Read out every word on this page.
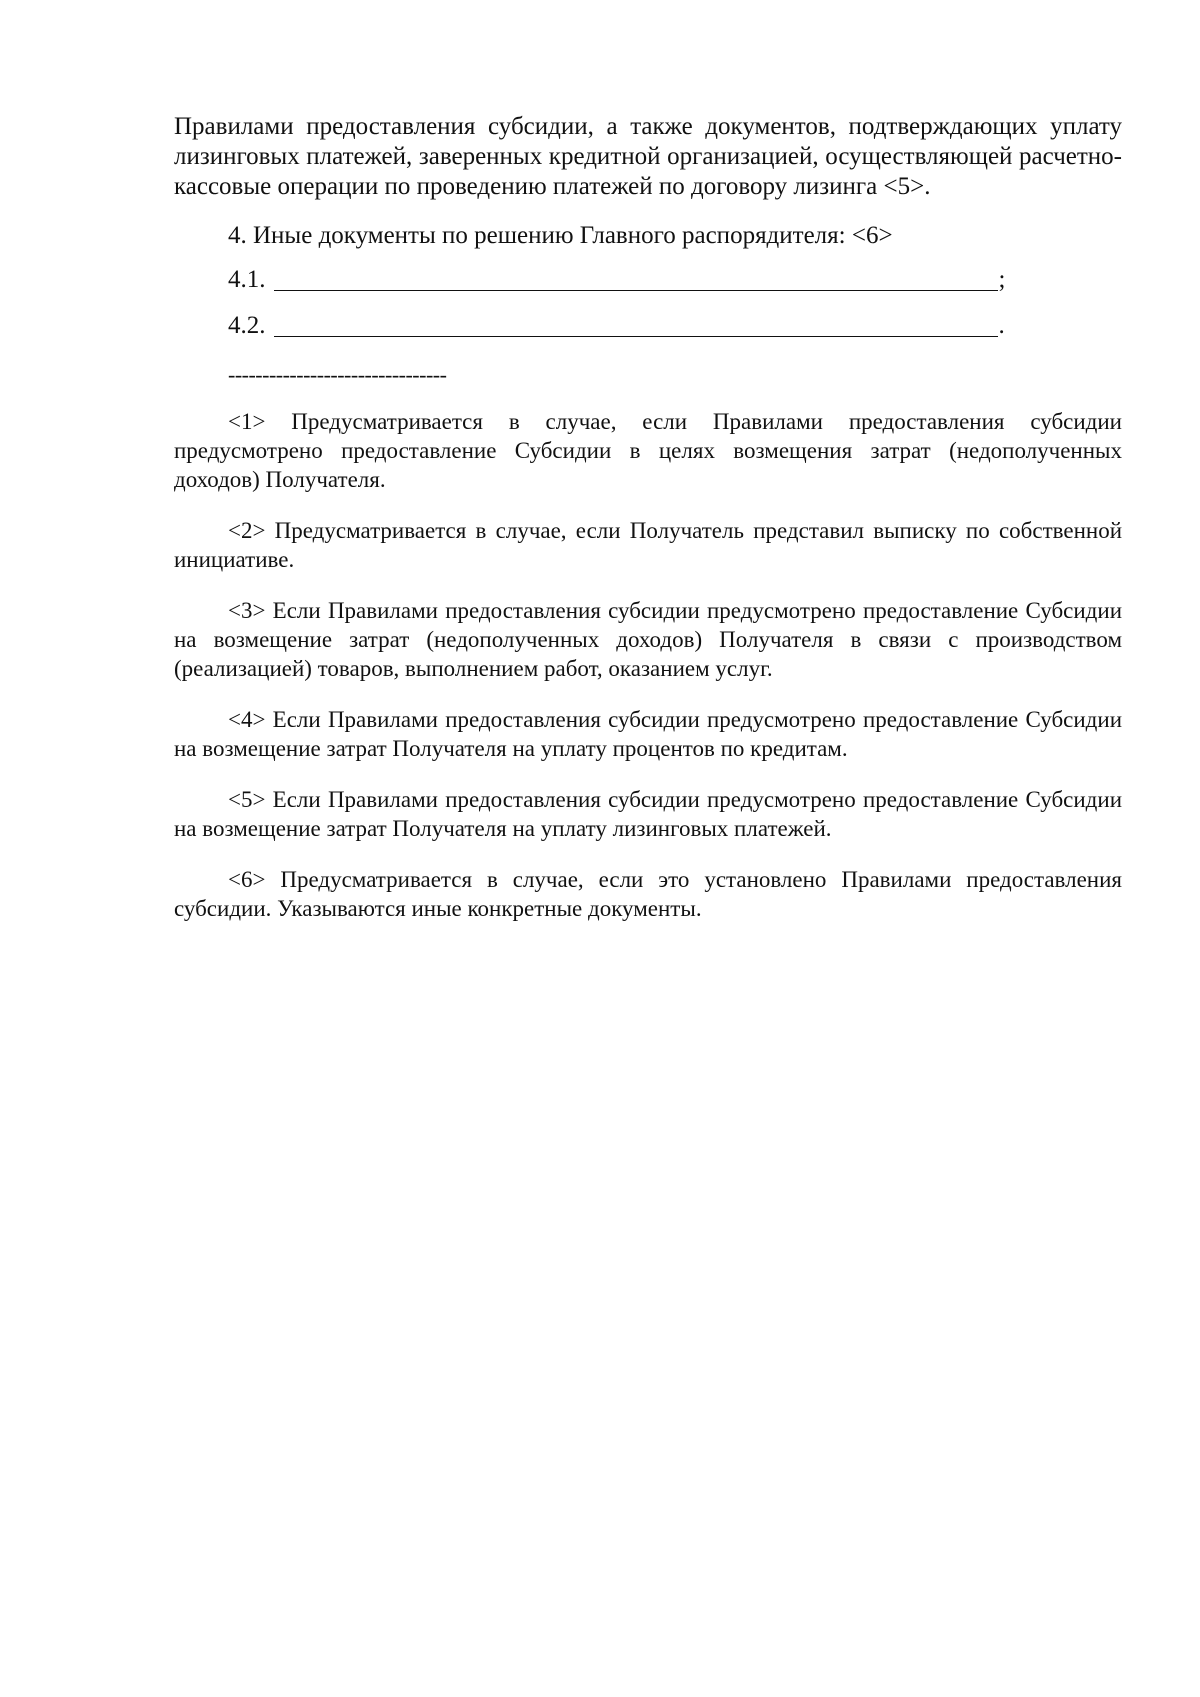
Правилами предоставления субсидии, а также документов, подтверждающих уплату лизинговых платежей, заверенных кредитной организацией, осуществляющей расчетно-кассовые операции по проведению платежей по договору лизинга <5>.

4. Иные документы по решению Главного распорядителя: <6>

4.1.	;
4.2.	.
--------------------------------

<1> Предусматривается в случае, если Правилами предоставления субсидии предусмотрено предоставление Субсидии в целях возмещения затрат (недополученных доходов) Получателя.

<2> Предусматривается в случае, если Получатель представил выписку по собственной инициативе.

<3> Если Правилами предоставления субсидии предусмотрено предоставление Субсидии на возмещение затрат (недополученных доходов) Получателя в связи с производством (реализацией) товаров, выполнением работ, оказанием услуг.

<4> Если Правилами предоставления субсидии предусмотрено предоставление Субсидии на возмещение затрат Получателя на уплату процентов по кредитам.

<5> Если Правилами предоставления субсидии предусмотрено предоставление Субсидии на возмещение затрат Получателя на уплату лизинговых платежей.

<6> Предусматривается в случае, если это установлено Правилами предоставления субсидии. Указываются иные конкретные документы.
